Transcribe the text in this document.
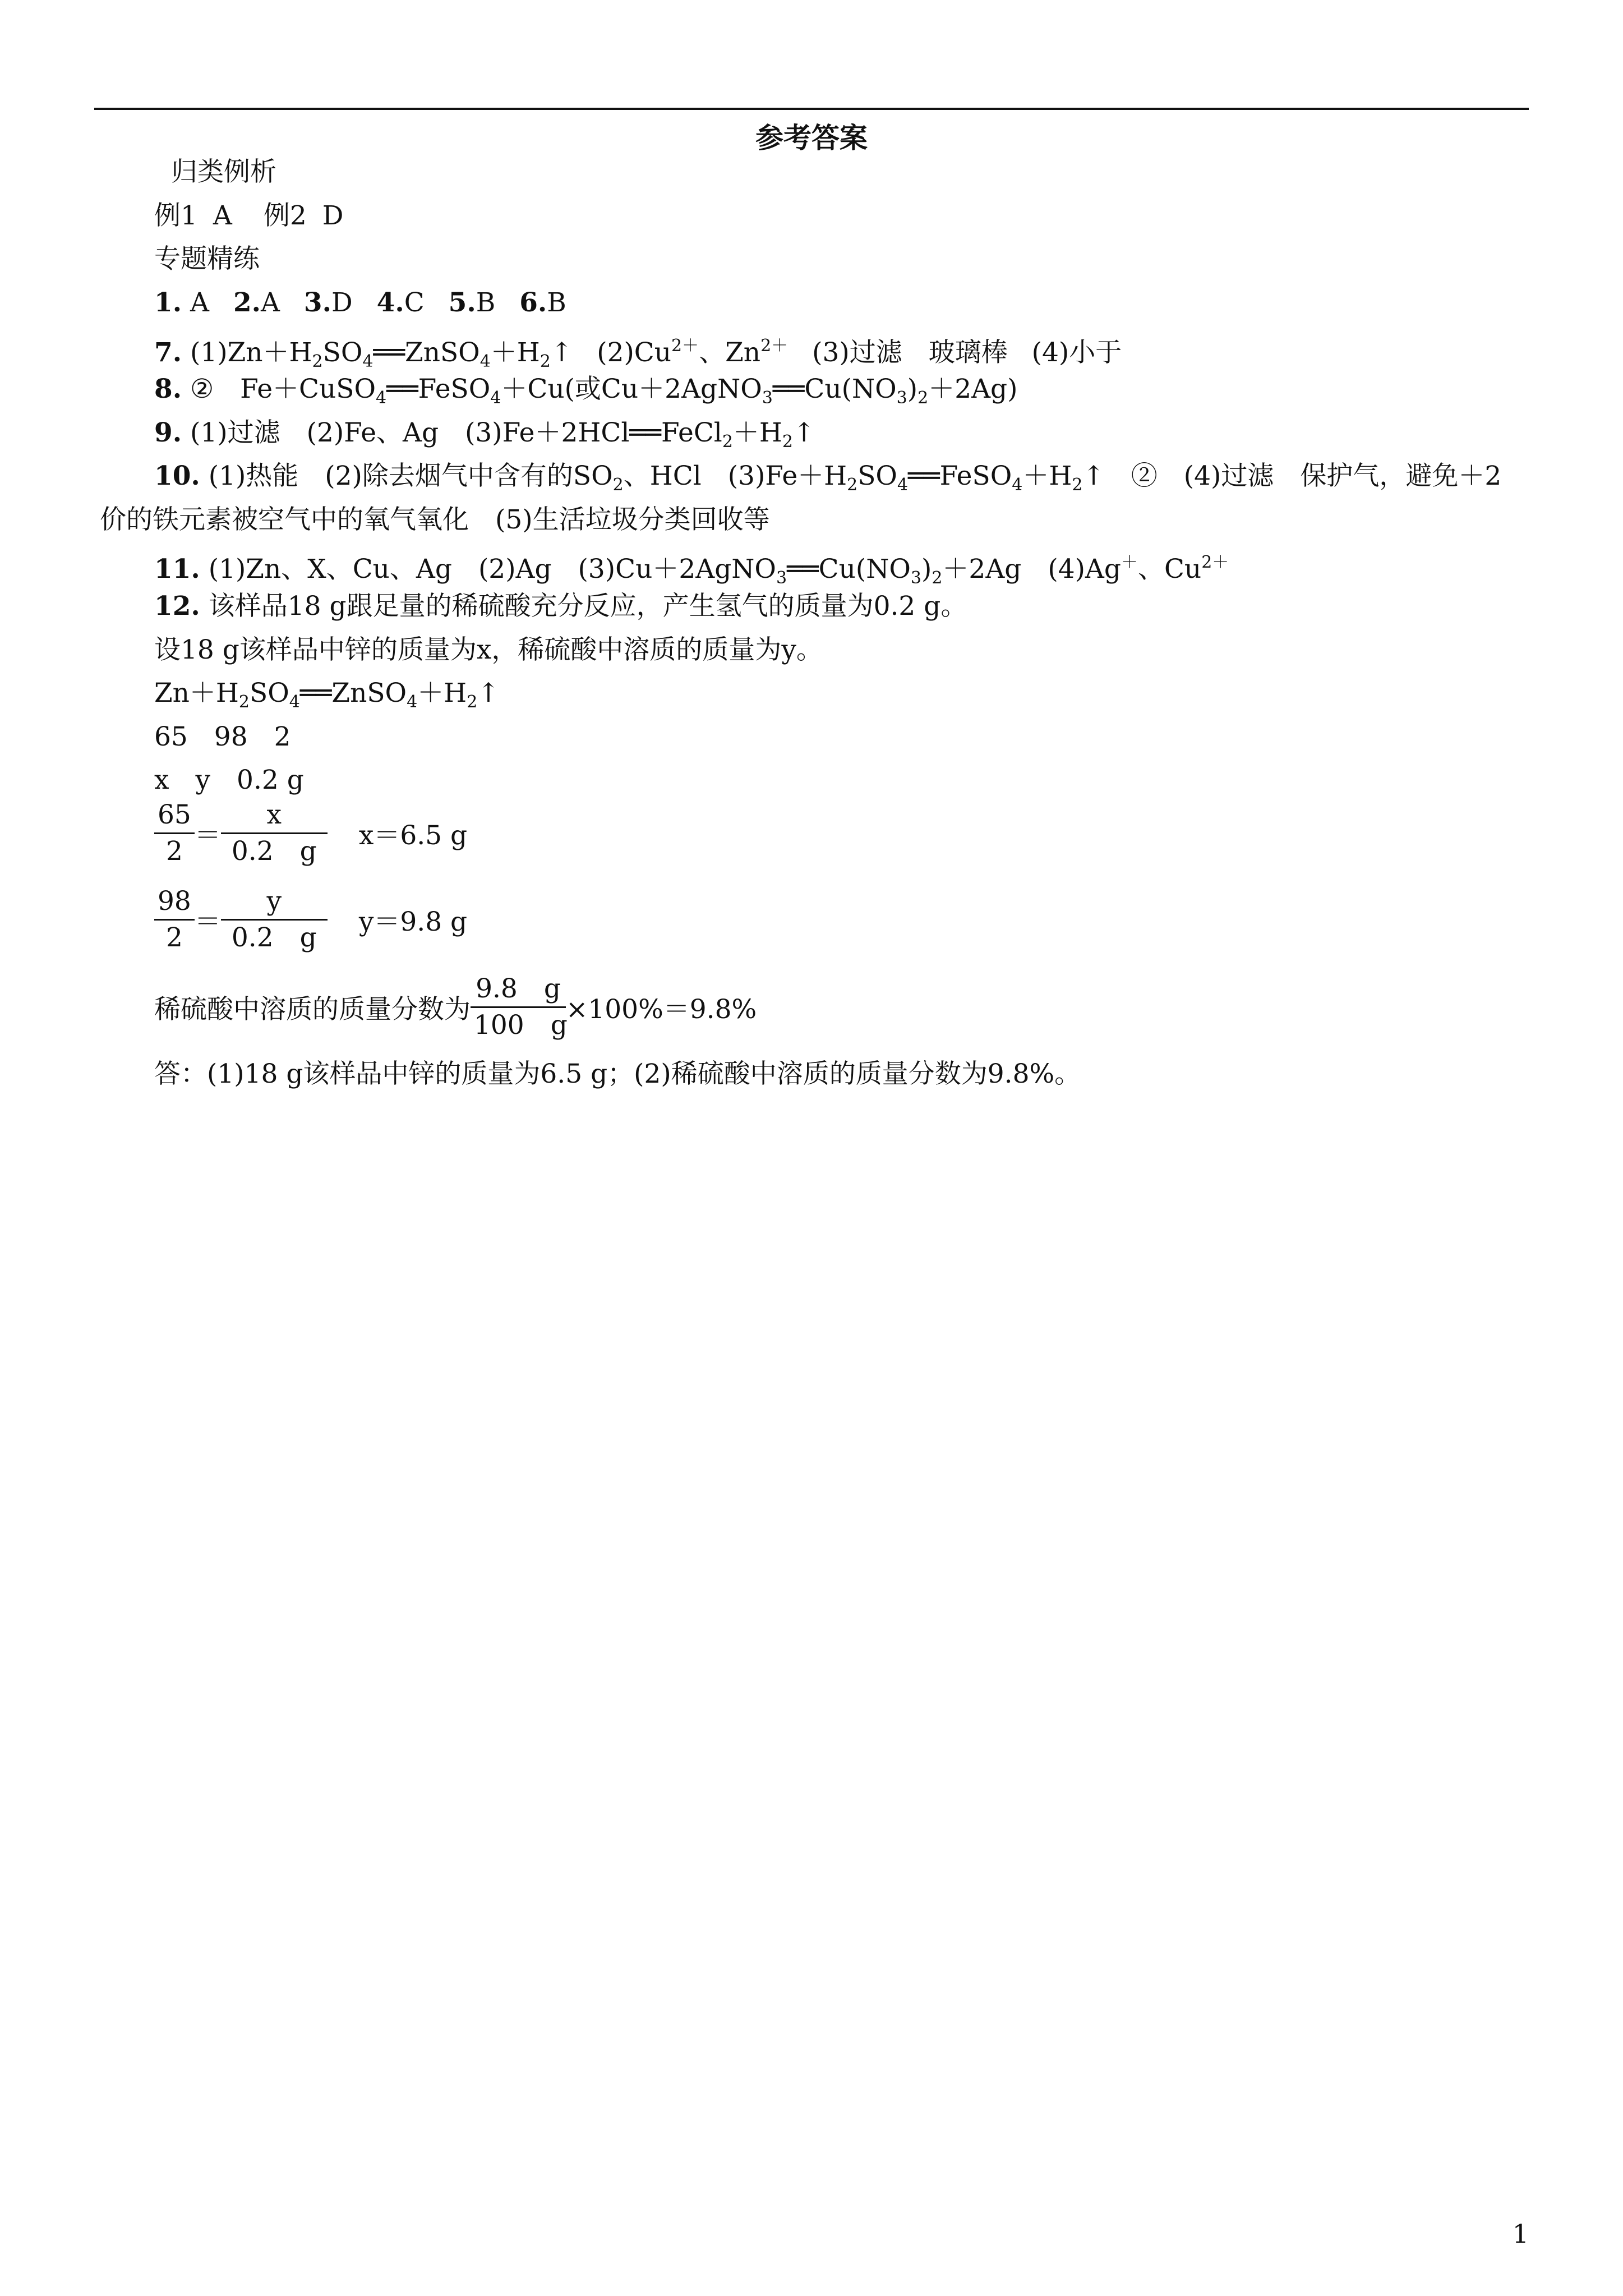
参考答案
归类例析
例1 A 例2 D
专题精练
1. A 2.A 3.D 4.C 5.B 6.B
7. $(1)Zn+H_2SO_4══ZnSO_4+H_2↑$ $(2)Cu^{2+}$、$Zn^{2+}$ (3)过滤　玻璃棒 (4)小于
8. ②　Fe＋CuSO$_4$══FeSO$_4$＋Cu(或$Cu+2AgNO_3══Cu(NO_3)_2+2Ag$)
9. (1)过滤　(2)Fe、Ag　$(3)Fe+2HCl══FeCl_2+H_2↑$
10. (1)热能　(2)除去烟气中含有的$SO_2$、HCl　$(3)Fe+H_2SO_4══FeSO_4+H_2↑$　②　(4)过滤　保护气，避免＋2
价的铁元素被空气中的氧气氧化　(5)生活垃圾分类回收等
11. (1)Zn、X、Cu、Ag　(2)Ag　$(3)Cu+2AgNO_3══Cu(NO_3)_2+2Ag$　(4)Ag＋、$Cu^{2+}$
12. 该样品18 g跟足量的稀硫酸充分反应，产生氢气的质量为0.2 g。
设18 g该样品中锌的质量为x，稀硫酸中溶质的质量为y。
$Zn+H_2SO_4══ZnSO_4+H_2↑$
65　98　2
x　y　0.2 g
$\frac{65}{2} = \frac{x}{0.2 g} x=6.5$ g
$\frac{98}{2} = \frac{y}{0.2 g} y=9.8$ g
稀硫酸中溶质的质量分数为 $\frac{9.8 g}{100 g} \times 100\%=9.8\%$
答：(1)18 g该样品中锌的质量为6.5 g；(2)稀硫酸中溶质的质量分数为9.8%。
1
